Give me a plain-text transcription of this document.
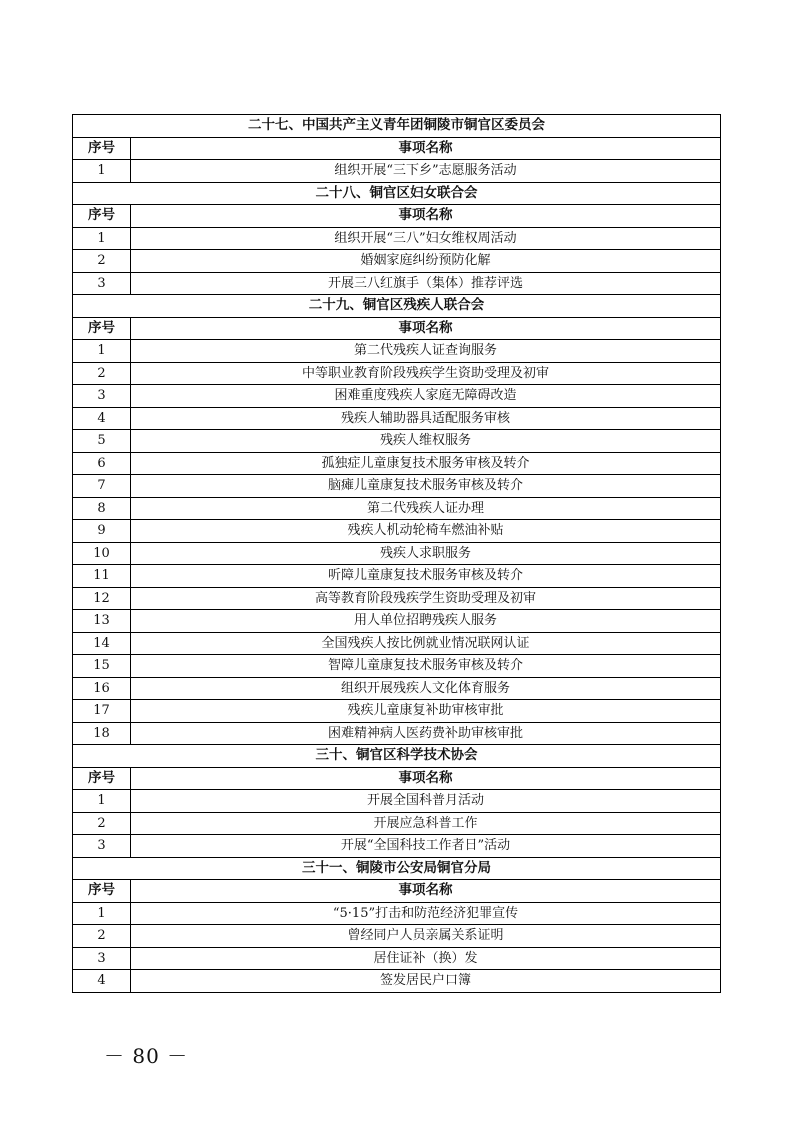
二十七、中国共产主义青年团铜陵市铜官区委员会	
序号	事项名称
1	组织开展“三下乡”志愿服务活动
二十八、铜官区妇女联合会	
序号	事项名称
1	组织开展“三八”妇女维权周活动
2	婚姻家庭纠纷预防化解
3	开展三八红旗手（集体）推荐评选
二十九、铜官区残疾人联合会	
序号	事项名称
1	第二代残疾人证查询服务
2	中等职业教育阶段残疾学生资助受理及初审
3	困难重度残疾人家庭无障碍改造
4	残疾人辅助器具适配服务审核
5	残疾人维权服务
6	孤独症儿童康复技术服务审核及转介
7	脑瘫儿童康复技术服务审核及转介
8	第二代残疾人证办理
9	残疾人机动轮椅车燃油补贴
10	残疾人求职服务
11	听障儿童康复技术服务审核及转介
12	高等教育阶段残疾学生资助受理及初审
13	用人单位招聘残疾人服务
14	全国残疾人按比例就业情况联网认证
15	智障儿童康复技术服务审核及转介
16	组织开展残疾人文化体育服务
17	残疾儿童康复补助审核审批
18	困难精神病人医药费补助审核审批
三十、铜官区科学技术协会	
序号	事项名称
1	开展全国科普月活动
2	开展应急科普工作
3	开展“全国科技工作者日”活动
三十一、铜陵市公安局铜官分局	
序号	事项名称
1	“5·15”打击和防范经济犯罪宣传
2	曾经同户人员亲属关系证明
3	居住证补（换）发
4	签发居民户口簿
－ 80 －
